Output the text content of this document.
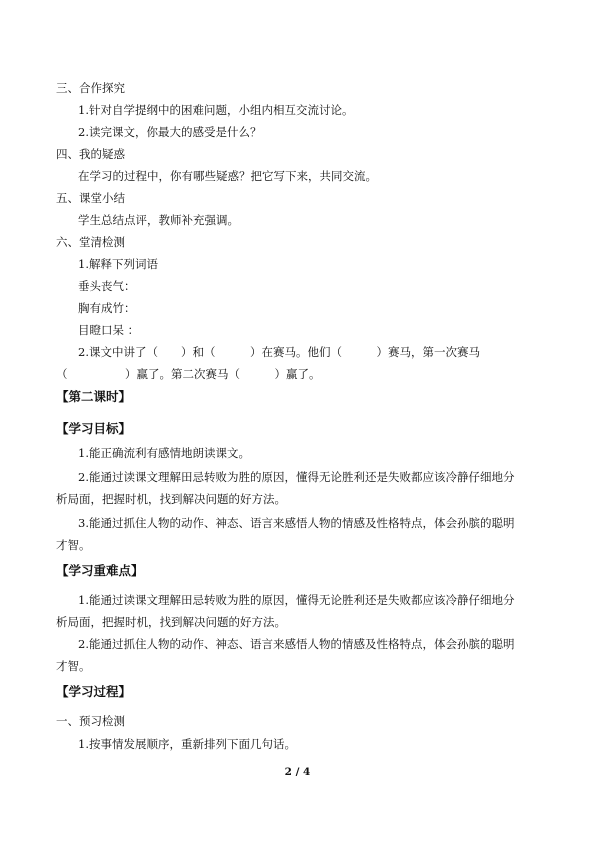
三、合作探究
1.针对自学提纲中的困难问题，小组内相互交流讨论。
2.读完课文，你最大的感受是什么？
四、我的疑惑
在学习的过程中，你有哪些疑惑？把它写下来，共同交流。
五、课堂小结
学生总结点评，教师补充强调。
六、堂清检测
1.解释下列词语
垂头丧气：
胸有成竹：
目瞪口呆 ：
2.课文中讲了（　　）和（　　　）在赛马。他们（　　　）赛马，第一次赛马
（　　　　　）赢了。第二次赛马（　　　）赢了。
【第二课时】
【学习目标】
1.能正确流利有感情地朗读课文。
2.能通过读课文理解田忌转败为胜的原因，懂得无论胜利还是失败都应该冷静仔细地分
析局面，把握时机，找到解决问题的好方法。
3.能通过抓住人物的动作、神态、语言来感悟人物的情感及性格特点，体会孙膑的聪明
才智。
【学习重难点】
1.能通过读课文理解田忌转败为胜的原因，懂得无论胜利还是失败都应该冷静仔细地分
析局面，把握时机，找到解决问题的好方法。
2.能通过抓住人物的动作、神态、语言来感悟人物的情感及性格特点，体会孙膑的聪明
才智。
【学习过程】
一、预习检测
1.按事情发展顺序，重新排列下面几句话。
2 / 4
